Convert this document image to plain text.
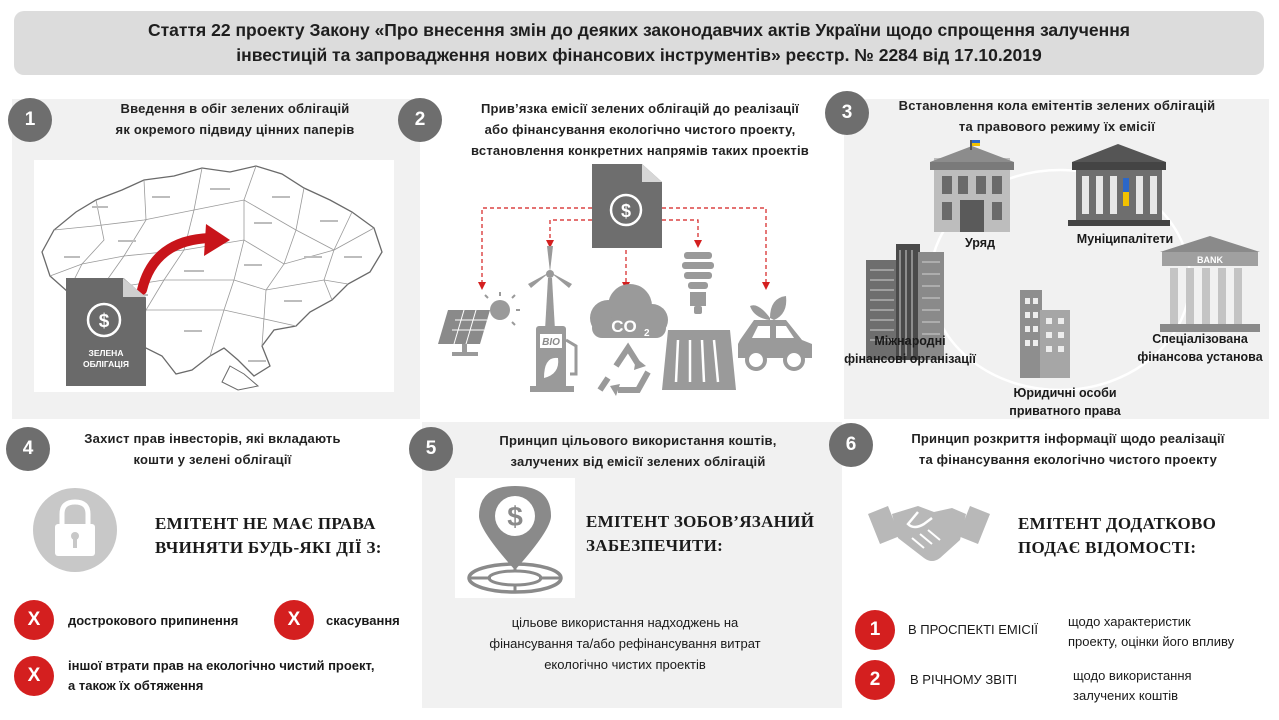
Стаття 22 проекту Закону «Про внесення змін до деяких законодавчих актів України щодо спрощення залучення
інвестицій та запровадження нових фінансових інструментів» реєстр. № 2284 від 17.10.2019
1
Введення в обіг зелених облігацій
як окремого підвиду цінних паперів
$
ЗЕЛЕНА
ОБЛІГАЦІЯ
2
Прив’язка емісії зелених облігацій до реалізації
або фінансування екологічно чистого проекту,
встановлення конкретних напрямів таких проектів
$
BIO
CO 2
3	Встановлення кола емітентів зелених облігацій
та правового режиму їх емісії
BANK
Уряд	Муніципалітети
Міжнародні
фінансові організації
Спеціалізована
фінансова установа
Юридичні особи
приватного права
4	Захист прав інвесторів, які вкладають
кошти у зелені облігації
ЕМІТЕНТ НЕ МАЄ ПРАВА
ВЧИНЯТИ БУДЬ-ЯКІ ДІЇ З:
X	дострокового припинення	X	скасування
X	іншої втрати прав на екологічно чистий проект,
а також їх обтяження
5	Принцип цільового використання коштів,
залучених від емісії зелених облігацій
$	ЕМІТЕНТ ЗОБОВ’ЯЗАНИЙ
ЗАБЕЗПЕЧИТИ:
цільове використання надходжень на
фінансування та/або рефінансування витрат
екологічно чистих проектів
6	Принцип розкриття інформації щодо реалізації
та фінансування екологічно чистого проекту
ЕМІТЕНТ ДОДАТКОВО
ПОДАЄ ВІДОМОСТІ:
1	В ПРОСПЕКТІ ЕМІСІЇ
щодо характеристик
проекту, оцінки його впливу
2	В РІЧНОМУ ЗВІТІ	щодо використання
залучених коштів
